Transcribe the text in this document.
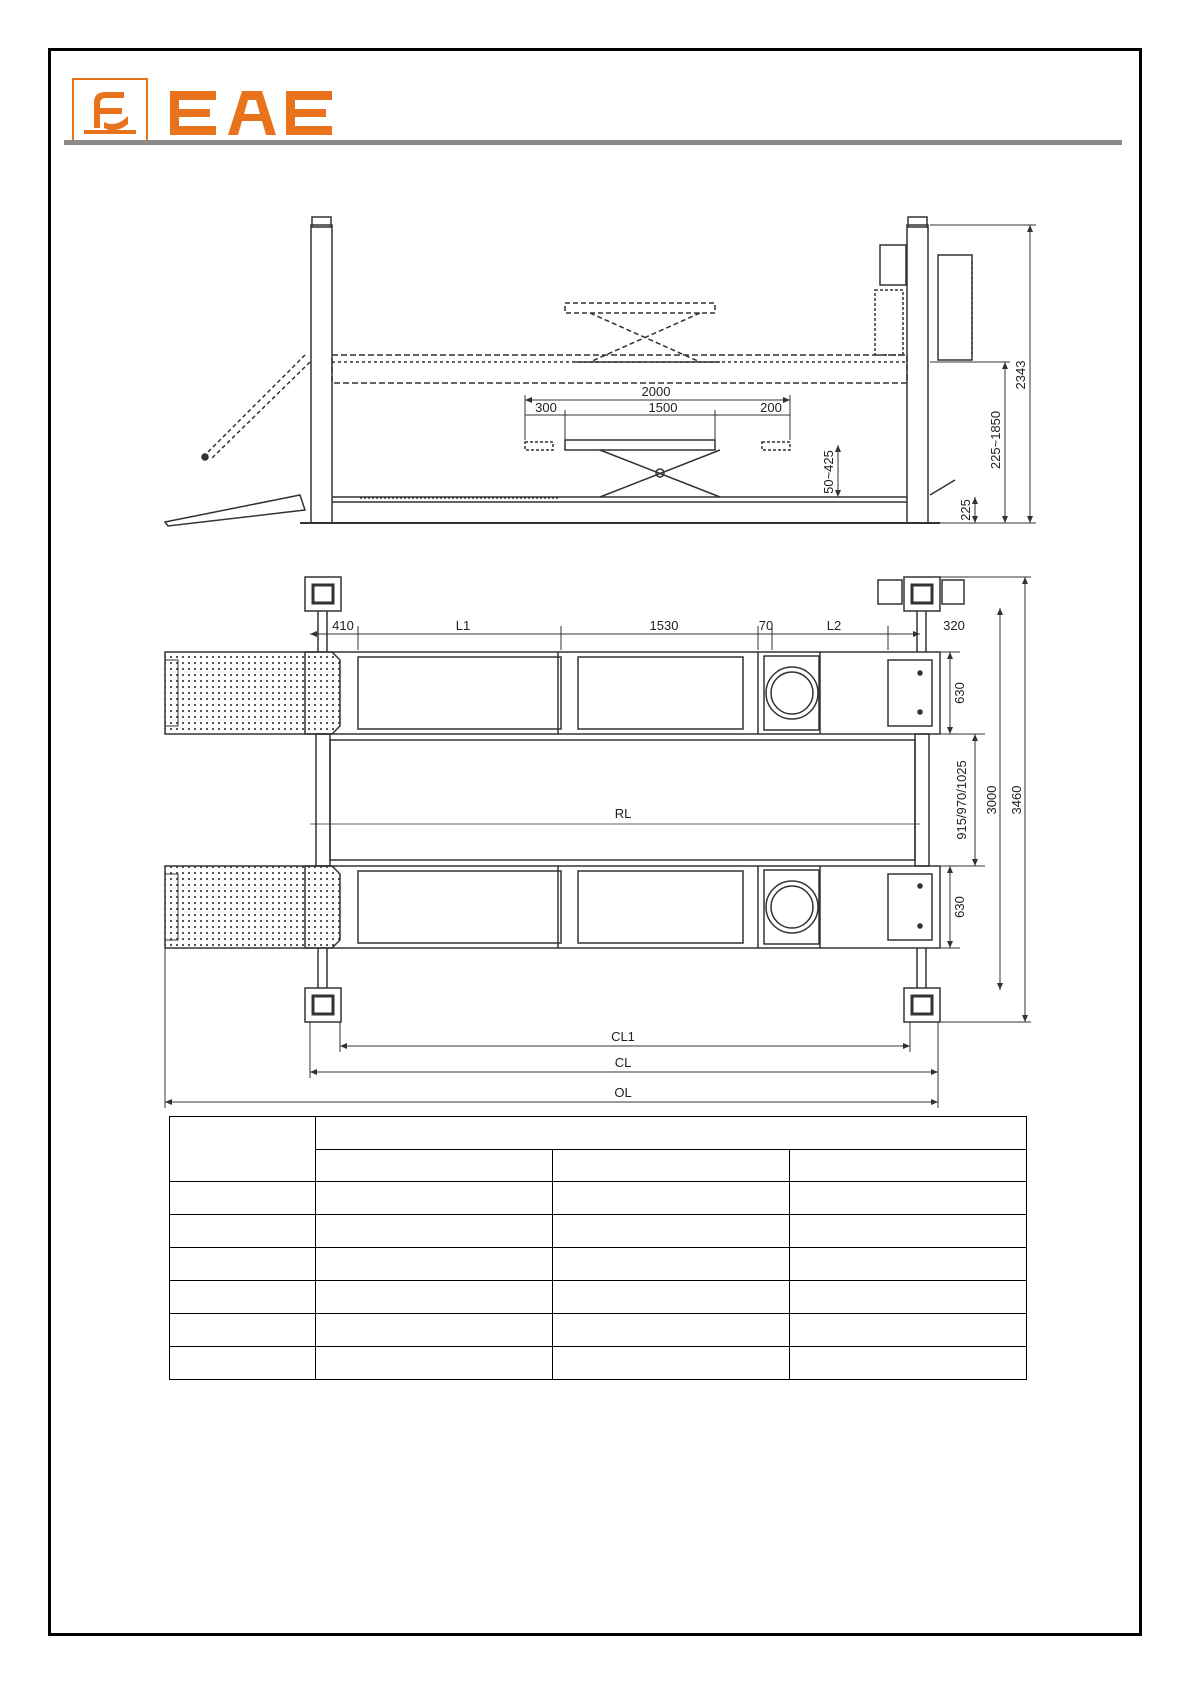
2000
300	1500	200
50~425
225~1850
2343
225
410	L1	1530	70	L2	320
630
630
915/970/1025 3000 3460
RL
CL1
CL
OL
